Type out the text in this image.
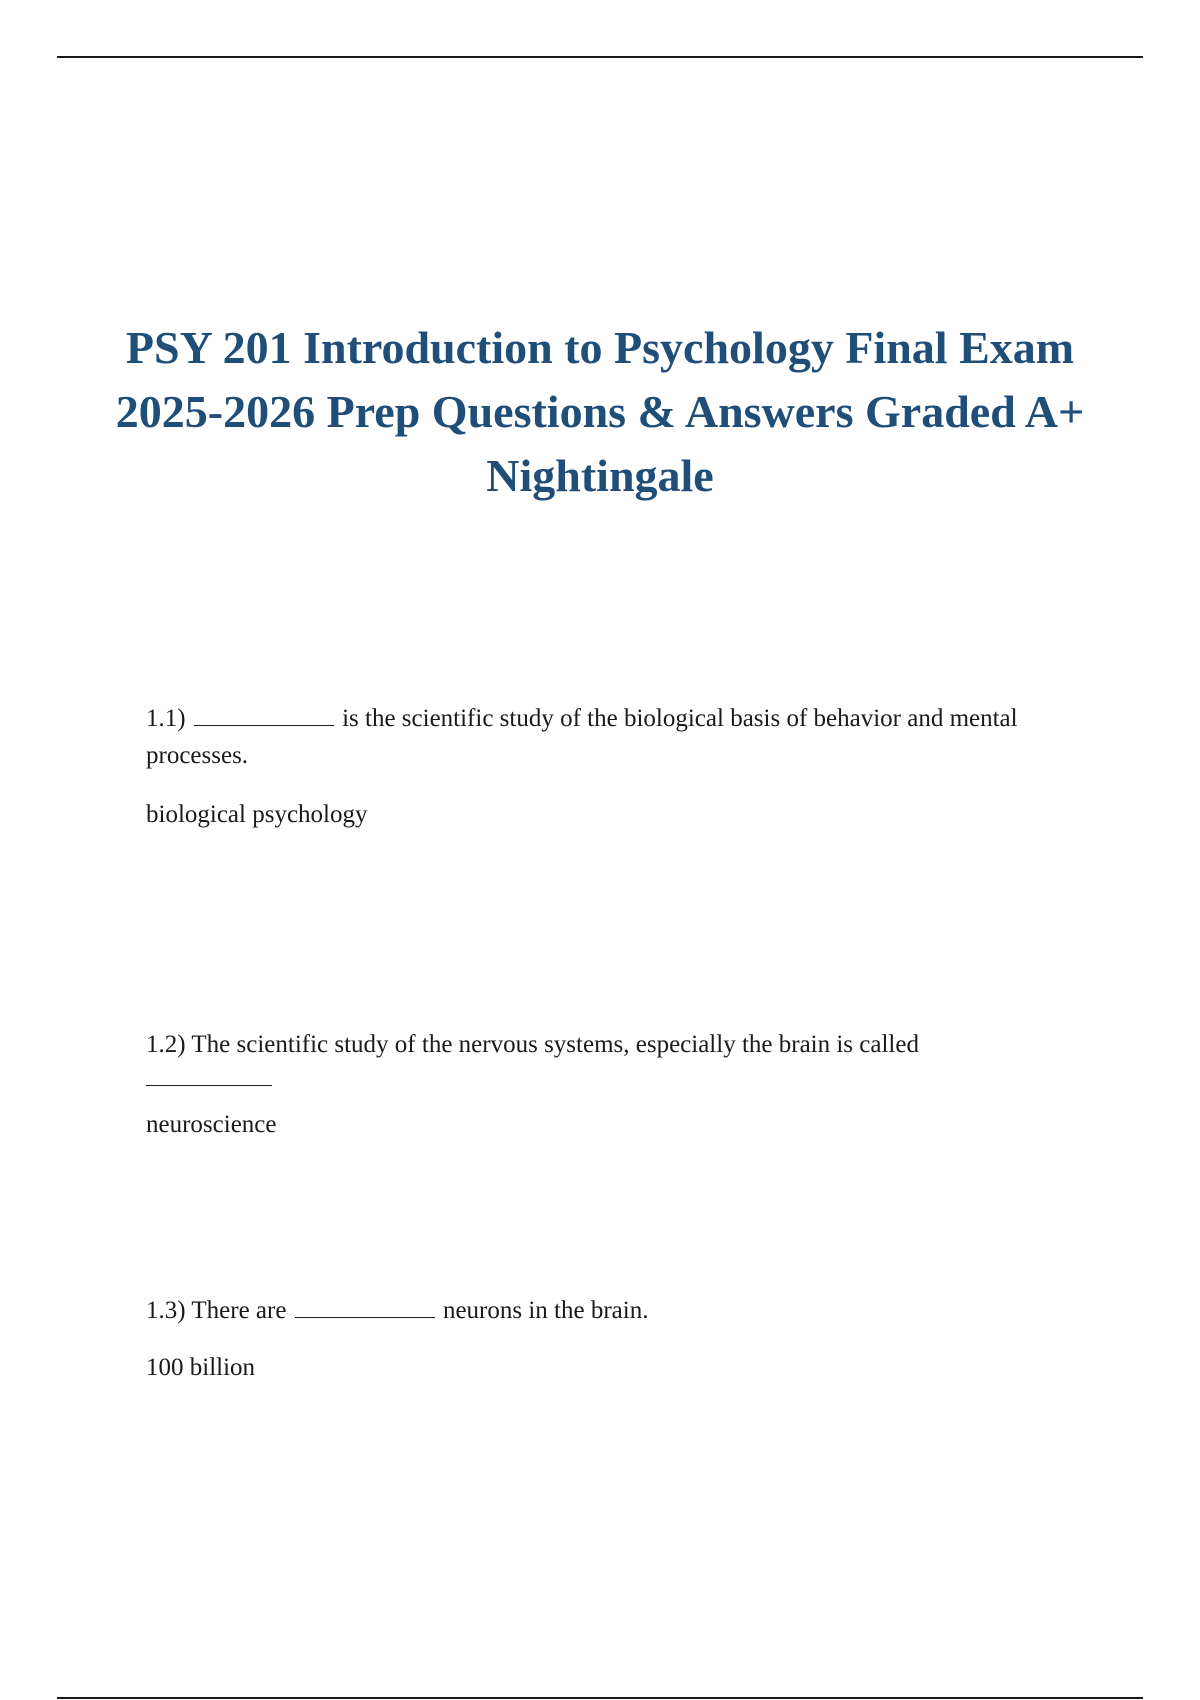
PSY 201 Introduction to Psychology Final Exam 2025-2026 Prep Questions & Answers Graded A+ Nightingale

1.1)	is the scientific study of the biological basis of behavior and mental processes.

biological psychology

1.2) The scientific study of the nervous systems, especially the brain is called

neuroscience

1.3) There are	neurons in the brain.

100 billion
